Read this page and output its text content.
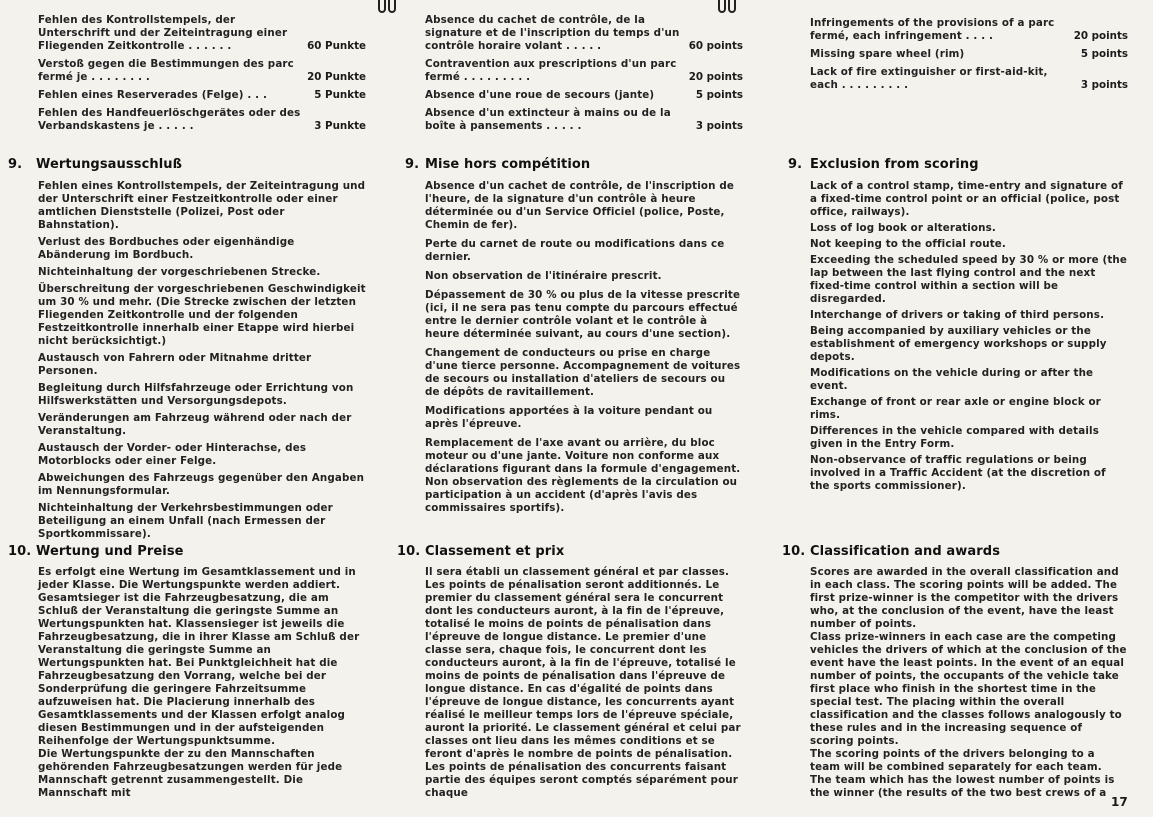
Fehlen des Kontrollstempels, der Unterschrift und der Zeiteintragung einer Fliegenden Zeitkontrolle . . . . . .	60 Punkte

Verstoß gegen die Bestimmungen des parc fermé je . . . . . . . .	20 Punkte

Fehlen eines Reserverades (Felge) . . .	5 Punkte

Fehlen des Handfeuerlöschgerätes oder des Verbandskastens je . . . . .	3 Punkte
9. Wertungsausschluß

Fehlen eines Kontrollstempels, der Zeiteintragung und der Unterschrift einer Festzeitkontrolle oder einer amtlichen Dienststelle (Polizei, Post oder Bahnstation).

Verlust des Bordbuches oder eigenhändige Abänderung im Bordbuch.

Nichteinhaltung der vorgeschriebenen Strecke.

Überschreitung der vorgeschriebenen Geschwindigkeit um 30 % und mehr. (Die Strecke zwischen der letzten Fliegenden Zeitkontrolle und der folgenden Festzeitkontrolle innerhalb einer Etappe wird hierbei nicht berücksichtigt.)

Austausch von Fahrern oder Mitnahme dritter Personen.

Begleitung durch Hilfsfahrzeuge oder Errichtung von Hilfswerkstätten und Versorgungsdepots.

Veränderungen am Fahrzeug während oder nach der Veranstaltung.

Austausch der Vorder- oder Hinterachse, des Motorblocks oder einer Felge.

Abweichungen des Fahrzeugs gegenüber den Angaben im Nennungsformular.

Nichteinhaltung der Verkehrsbestimmungen oder Beteiligung an einem Unfall (nach Ermessen der Sportkommissare).

10. Wertung und Preise

Es erfolgt eine Wertung im Gesamtklassement und in jeder Klasse. Die Wertungspunkte werden addiert. Gesamtsieger ist die Fahrzeugbesatzung, die am Schluß der Veranstaltung die geringste Summe an Wertungspunkten hat. Klassensieger ist jeweils die Fahrzeugbesatzung, die in ihrer Klasse am Schluß der Veranstaltung die geringste Summe an Wertungspunkten hat. Bei Punktgleichheit hat die Fahrzeugbesatzung den Vorrang, welche bei der Sonderprüfung die geringere Fahrzeitsumme aufzuweisen hat. Die Placierung innerhalb des Gesamtklassements und der Klassen erfolgt analog diesen Bestimmungen und in der aufsteigenden Reihenfolge der Wertungspunktsumme.

Die Wertungspunkte der zu den Mannschaften gehörenden Fahrzeugbesatzungen werden für jede Mannschaft getrennt zusammengestellt. Die Mannschaft mit

Absence du cachet de contrôle, de la signature et de l'inscription du temps d'un contrôle horaire volant . . . . .	60 points

Contravention aux prescriptions d'un parc fermé . . . . . . . . .	20 points

Absence d'une roue de secours (jante)	5 points

Absence d'un extincteur à mains ou de la boîte à pansements . . . . .	3 points
9. Mise hors compétition

Absence d'un cachet de contrôle, de l'inscription de l'heure, de la signature d'un contrôle à heure déterminée ou d'un Service Officiel (police, Poste, Chemin de fer).

Perte du carnet de route ou modifications dans ce dernier.

Non observation de l'itinéraire prescrit.

Dépassement de 30 % ou plus de la vitesse prescrite (ici, il ne sera pas tenu compte du parcours effectué entre le dernier contrôle volant et le contrôle à heure déterminée suivant, au cours d'une section).

Changement de conducteurs ou prise en charge d'une tierce personne. Accompagnement de voitures de secours ou installation d'ateliers de secours ou de dépôts de ravitaillement.

Modifications apportées à la voiture pendant ou après l'épreuve.

Remplacement de l'axe avant ou arrière, du bloc moteur ou d'une jante. Voiture non conforme aux déclarations figurant dans la formule d'engagement. Non observation des règlements de la circulation ou participation à un accident (d'après l'avis des commissaires sportifs).

10. Classement et prix

Il sera établi un classement général et par classes. Les points de pénalisation seront additionnés. Le premier du classement général sera le concurrent dont les conducteurs auront, à la fin de l'épreuve, totalisé le moins de points de pénalisation dans l'épreuve de longue distance. Le premier d'une classe sera, chaque fois, le concurrent dont les conducteurs auront, à la fin de l'épreuve, totalisé le moins de points de pénalisation dans l'épreuve de longue distance. En cas d'égalité de points dans l'épreuve de longue distance, les concurrents ayant réalisé le meilleur temps lors de l'épreuve spéciale, auront la priorité. Le classement général et celui par classes ont lieu dans les mêmes conditions et se feront d'après le nombre de points de pénalisation. Les points de pénalisation des concurrents faisant partie des équipes seront comptés séparément pour chaque

Infringements of the provisions of a parc fermé, each infringement . . . .	20 points

Missing spare wheel (rim)	5 points

Lack of fire extinguisher or first-aid-kit, each . . . . . . . . .	3 points
9. Exclusion from scoring

Lack of a control stamp, time-entry and signature of a fixed-time control point or an official (police, post office, railways).

Loss of log book or alterations.

Not keeping to the official route.

Exceeding the scheduled speed by 30 % or more (the lap between the last flying control and the next fixed-time control within a section will be disregarded.

Interchange of drivers or taking of third persons.

Being accompanied by auxiliary vehicles or the establishment of emergency workshops or supply depots.

Modifications on the vehicle during or after the event.

Exchange of front or rear axle or engine block or rims.

Differences in the vehicle compared with details given in the Entry Form.

Non-observance of traffic regulations or being involved in a Traffic Accident (at the discretion of the sports commissioner).

10. Classification and awards

Scores are awarded in the overall classification and in each class. The scoring points will be added. The first prize-winner is the competitor with the drivers who, at the conclusion of the event, have the least number of points.

Class prize-winners in each case are the competing vehicles the drivers of which at the conclusion of the event have the least points. In the event of an equal number of points, the occupants of the vehicle take first place who finish in the shortest time in the special test. The placing within the overall classification and the classes follows analogously to these rules and in the increasing sequence of scoring points.

The scoring points of the drivers belonging to a team will be combined separately for each team.

The team which has the lowest number of points is the winner (the results of the two best crews of a

17
